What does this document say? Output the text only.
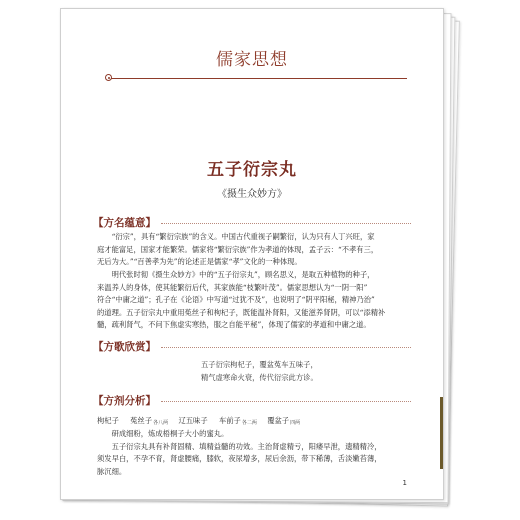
儒家思想
五子衍宗丸
《摄生众妙方》
【方名蕴意】

　　“衍宗”，具有“繁衍宗族”的含义。中国古代重视子嗣繁衍，认为只有人丁兴旺，家
庭才能富足，国家才能繁荣。儒家将“繁衍宗族”作为孝道的体现，孟子云：“不孝有三，
无后为大。”“百善孝为先”的论述正是儒家“孝”文化的一种体现。

　　明代张时彻《摄生众妙方》中的“五子衍宗丸”，顾名思义，是取五种植物的种子，
来温养人的身体，使其能繁衍后代，其家族能“枝繁叶茂”。儒家思想认为“一阴一阳”
符合“中庸之道”；孔子在《论语》中写道“过犹不及”，也说明了“阴平阳秘，精神乃治”
的道理。五子衍宗丸中重用菟丝子和枸杞子，既能温补肾阳，又能滋养肾阴，可以“添精补
髓，疏利肾气，不问下焦虚实寒热，服之自能平秘”，体现了儒家的孝道和中庸之道。

【方歌欣赏】
五子衍宗枸杞子，覆盆菟车五味子，
精气虚寒命火衰，传代衍宗此方诊。
【方剂分析】
枸杞子 菟丝子各八两 辽五味子 车前子各二两 覆盆子四两

　　研成细粉，炼成梧桐子大小的蜜丸。
　　五子衍宗丸具有补肾固精、填精益髓的功效。主治肾虚精亏，阳痿早泄，遗精精冷，
须发早白，不孕不育，肾虚腰痛，膝软，夜尿增多，尿后余沥，带下稀薄，舌淡嫩苔薄，
脉沉细。

1
